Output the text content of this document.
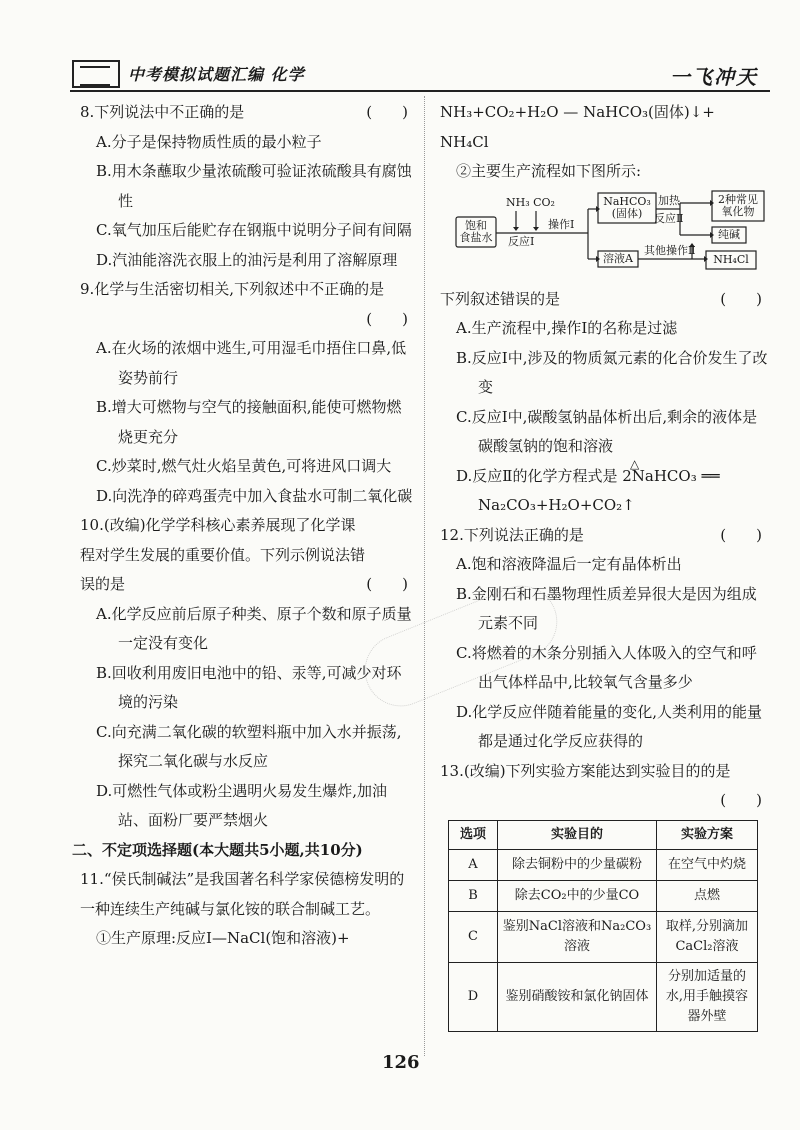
中考模拟试题汇编 化学	一飞冲天
8.下列说法中不正确的是	(　　)
A.分子是保持物质性质的最小粒子
B.用木条蘸取少量浓硫酸可验证浓硫酸具有腐蚀性
C.氧气加压后能贮存在钢瓶中说明分子间有间隔
D.汽油能溶洗衣服上的油污是利用了溶解原理
9.化学与生活密切相关,下列叙述中不正确的是
(　　)
A.在火场的浓烟中逃生,可用湿毛巾捂住口鼻,低姿势前行
B.增大可燃物与空气的接触面积,能使可燃物燃烧更充分
C.炒菜时,燃气灶火焰呈黄色,可将进风口调大
D.向洗净的碎鸡蛋壳中加入食盐水可制二氧化碳
10.(改编)化学学科核心素养展现了化学课程对学生发展的重要价值。下列示例说法错误的是	(　　)
A.化学反应前后原子种类、原子个数和原子质量一定没有变化
B.回收利用废旧电池中的铅、汞等,可减少对环境的污染
C.向充满二氧化碳的软塑料瓶中加入水并振荡,探究二氧化碳与水反应
D.可燃性气体或粉尘遇明火易发生爆炸,加油站、面粉厂要严禁烟火
二、不定项选择题(本大题共5小题,共10分)
11.“侯氏制碱法”是我国著名科学家侯德榜发明的一种连续生产纯碱与氯化铵的联合制碱工艺。
①生产原理:反应Ⅰ—NaCl(饱和溶液)+
NH₃+CO₂+H₂O — NaHCO₃(固体)↓+
NH₄Cl
②主要生产流程如下图所示:
饱和
食盐水
NH₃ CO₂
反应Ⅰ
操作Ⅰ
NaHCO₃
(固体)
加热
反应Ⅱ
2种常见
氧化物
纯碱
溶液A
其他操作Ⅱ
NH₄Cl
下列叙述错误的是	(　　)
A.生产流程中,操作Ⅰ的名称是过滤
B.反应Ⅰ中,涉及的物质氮元素的化合价发生了改变
C.反应Ⅰ中,碳酸氢钠晶体析出后,剩余的液体是碳酸氢钠的饱和溶液
D.反应Ⅱ的化学方程式是 2NaHCO₃ ══ Na₂CO₃+H₂O+CO₂↑
△
12.下列说法正确的是	(　　)
A.饱和溶液降温后一定有晶体析出
B.金刚石和石墨物理性质差异很大是因为组成元素不同
C.将燃着的木条分别插入人体吸入的空气和呼出气体样品中,比较氧气含量多少
D.化学反应伴随着能量的变化,人类利用的能量都是通过化学反应获得的
13.(改编)下列实验方案能达到实验目的的是
(　　)
选项	实验目的	实验方案
A	除去铜粉中的少量碳粉	在空气中灼烧
B	除去CO₂中的少量CO	点燃
C	鉴别NaCl溶液和Na₂CO₃溶液	取样,分别滴加CaCl₂溶液
D	鉴别硝酸铵和氯化钠固体	分别加适量的水,用手触摸容器外壁
126
